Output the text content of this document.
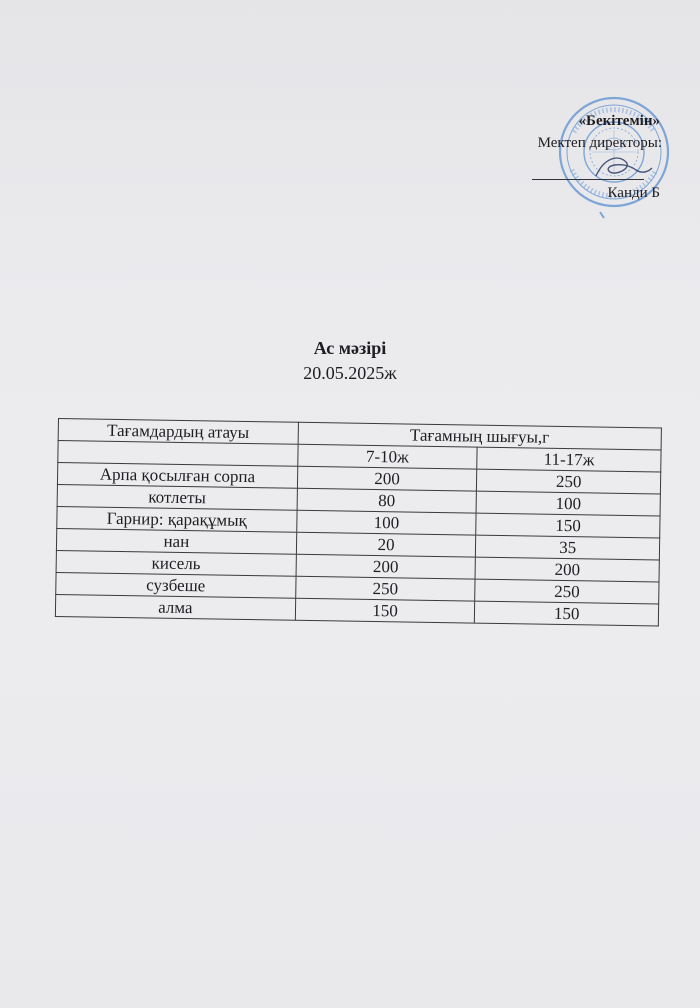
«Бекітемін»
Мектеп директоры:
Канди Б
Ас мәзірі
20.05.2025ж
Тағамдардың атауы	Тағамның шығуы,г	
	7-10ж	11-17ж
Арпа қосылған сорпа	200	250
котлеты	80	100
Гарнир: қарақұмық	100	150
нан	20	35
кисель	200	200
сузбеше	250	250
алма	150	150
